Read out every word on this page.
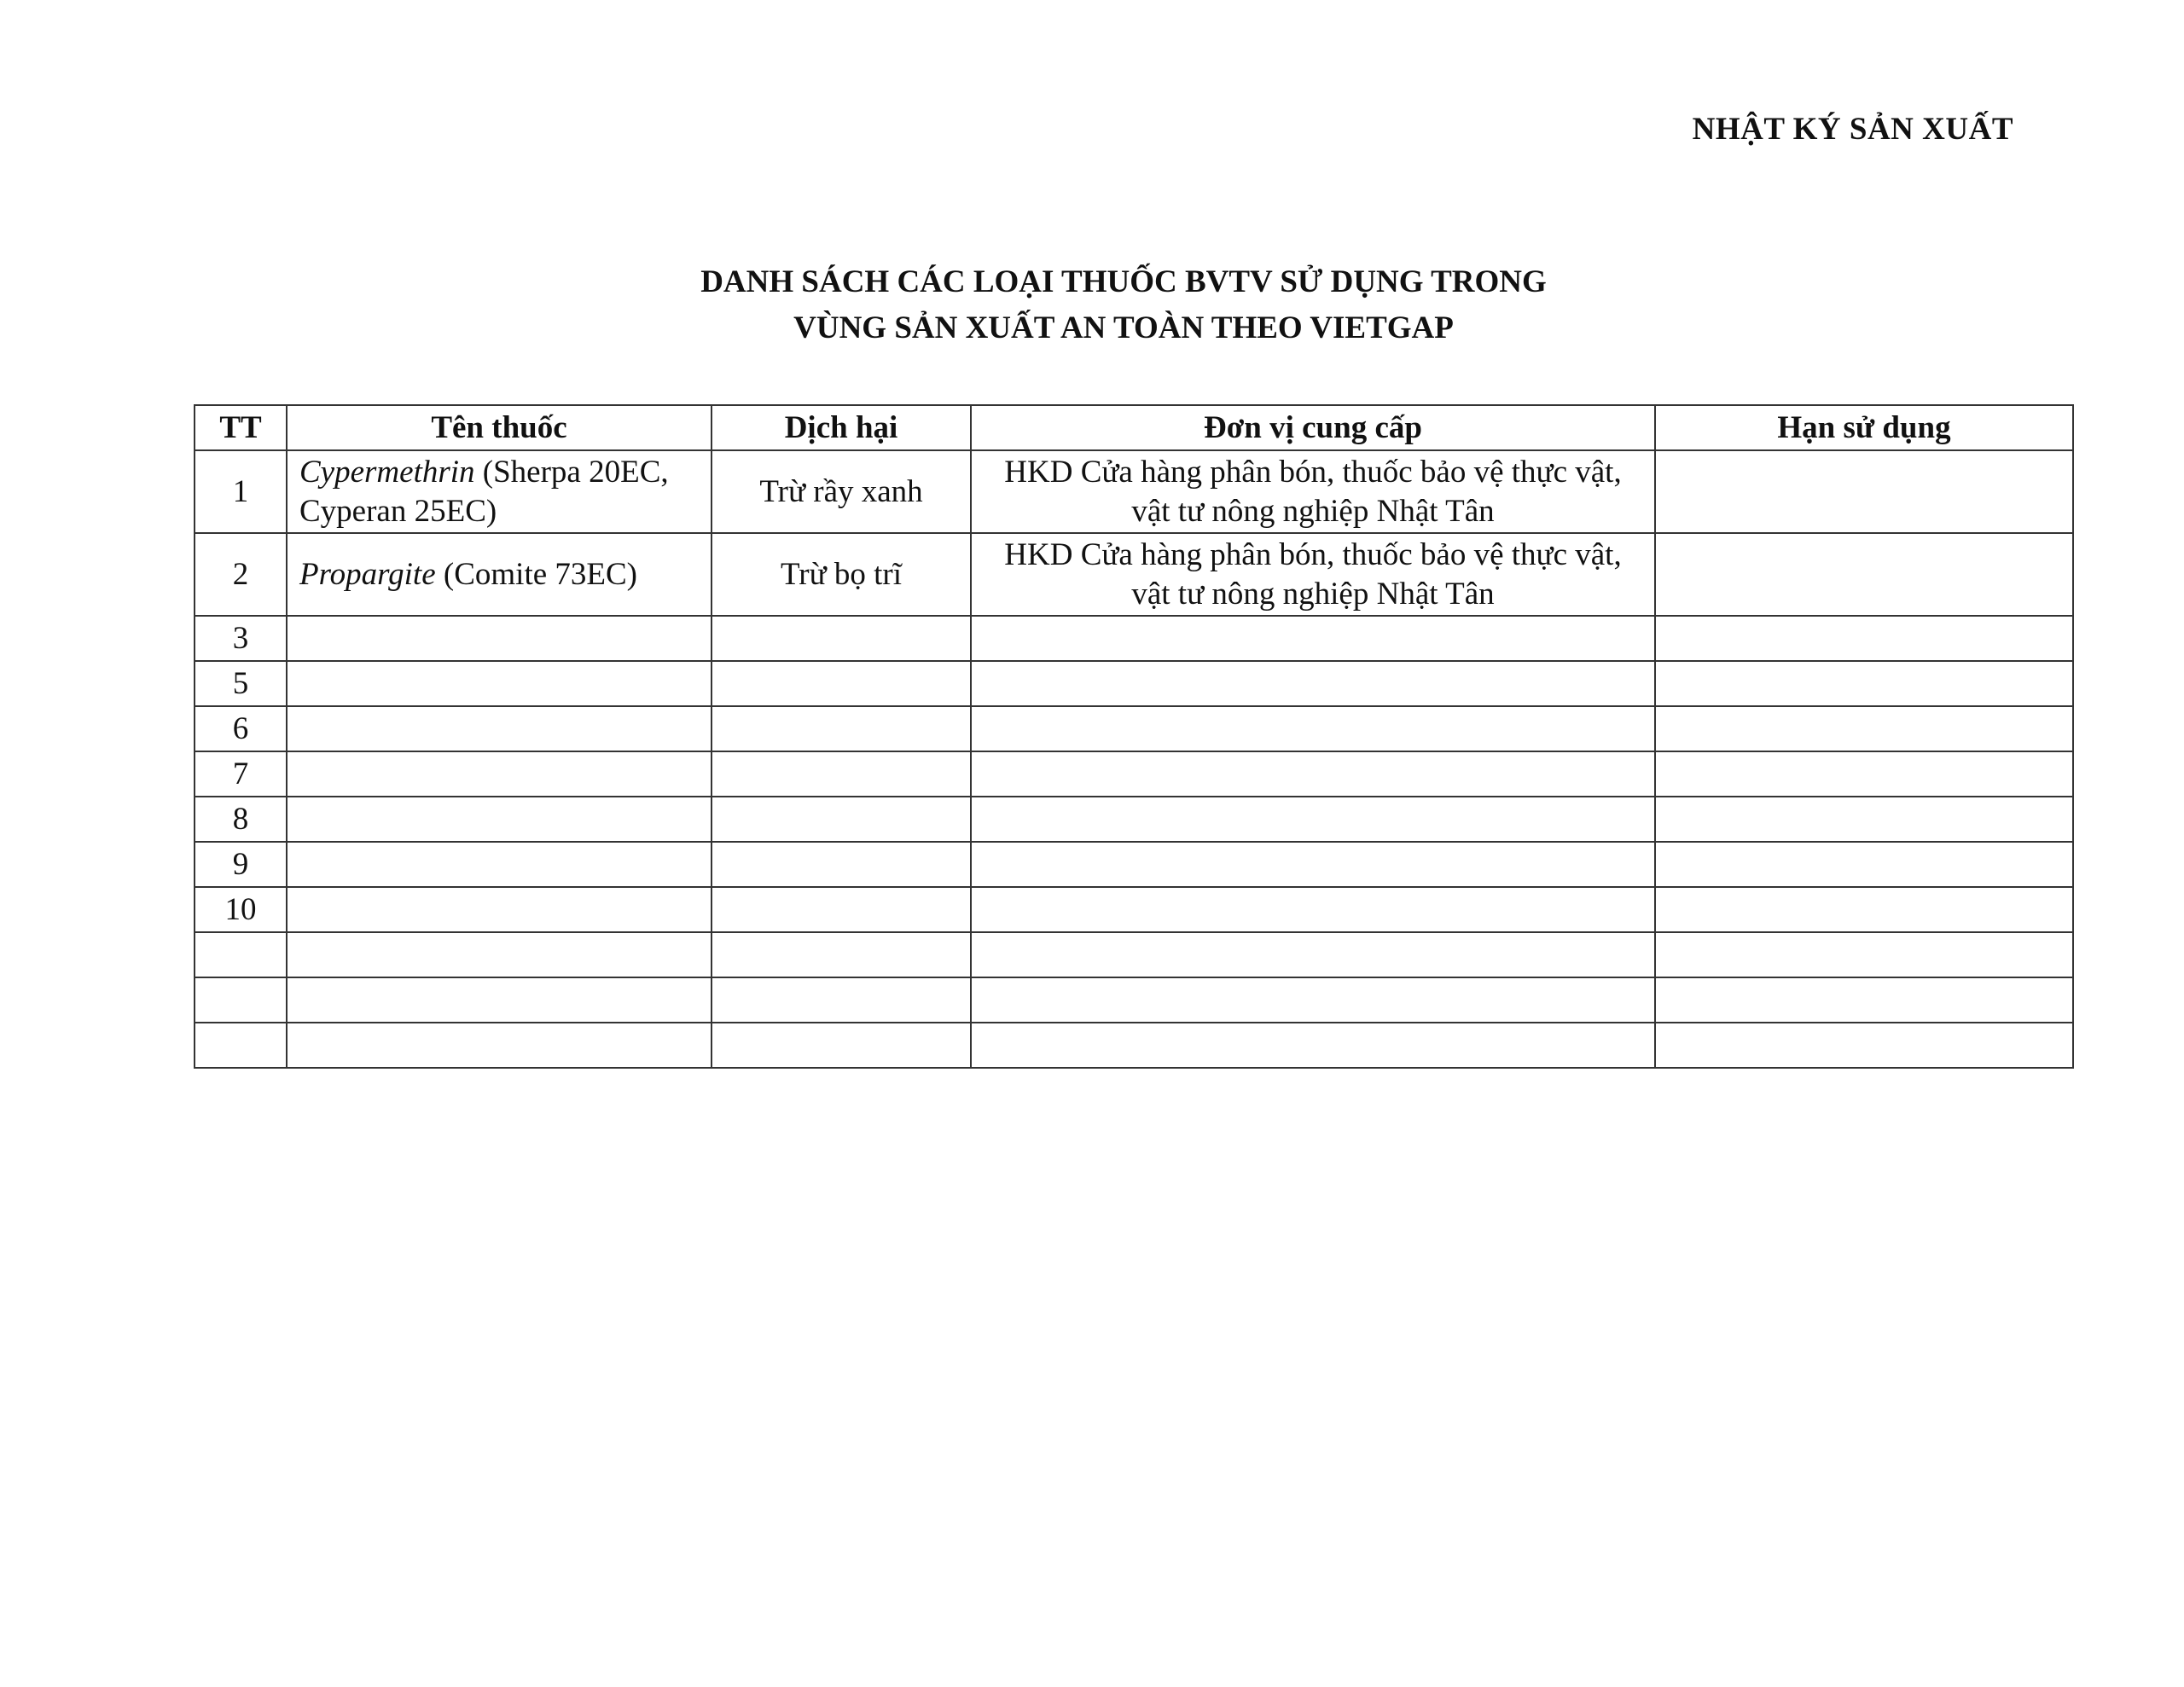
NHẬT KÝ SẢN XUẤT
DANH SÁCH CÁC LOẠI THUỐC BVTV SỬ DỤNG TRONG
VÙNG SẢN XUẤT AN TOÀN THEO VIETGAP
TT	Tên thuốc	Dịch hại	Đơn vị cung cấp	Hạn sử dụng
1	Cypermethrin (Sherpa 20EC, Cyperan 25EC)	Trừ rầy xanh	HKD Cửa hàng phân bón, thuốc bảo vệ thực vật, vật tư nông nghiệp Nhật Tân	
2	Propargite (Comite 73EC)	Trừ bọ trĩ	HKD Cửa hàng phân bón, thuốc bảo vệ thực vật, vật tư nông nghiệp Nhật Tân	
3				
5				
6				
7				
8				
9				
10				
